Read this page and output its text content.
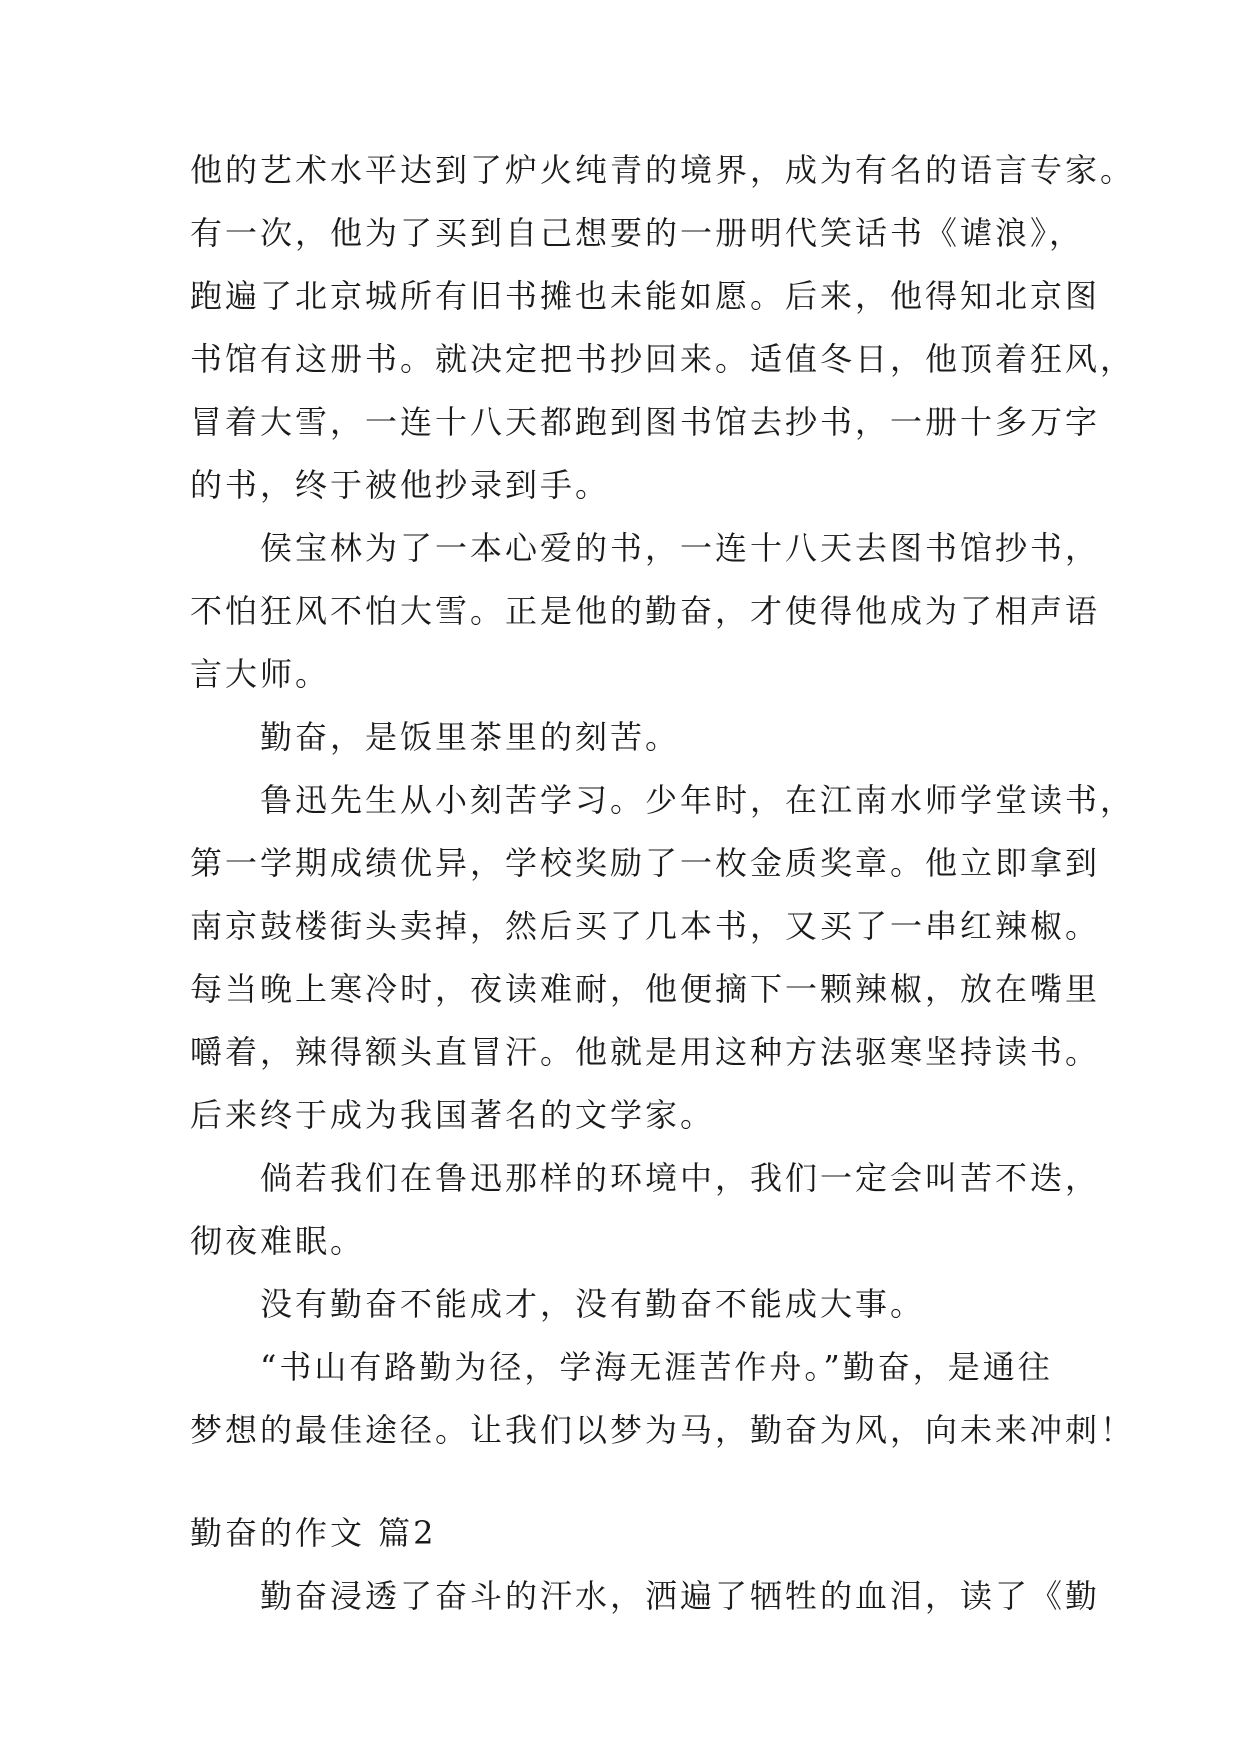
他的艺术水平达到了炉火纯青的境界，成为有名的语言专家。
有一次，他为了买到自己想要的一册明代笑话书《谑浪》，
跑遍了北京城所有旧书摊也未能如愿。后来，他得知北京图
书馆有这册书。就决定把书抄回来。适值冬日，他顶着狂风，
冒着大雪，一连十八天都跑到图书馆去抄书，一册十多万字
的书，终于被他抄录到手。
　　侯宝林为了一本心爱的书，一连十八天去图书馆抄书，
不怕狂风不怕大雪。正是他的勤奋，才使得他成为了相声语
言大师。
　　勤奋，是饭里茶里的刻苦。
　　鲁迅先生从小刻苦学习。少年时，在江南水师学堂读书，
第一学期成绩优异，学校奖励了一枚金质奖章。他立即拿到
南京鼓楼街头卖掉，然后买了几本书，又买了一串红辣椒。
每当晚上寒冷时，夜读难耐，他便摘下一颗辣椒，放在嘴里
嚼着，辣得额头直冒汗。他就是用这种方法驱寒坚持读书。
后来终于成为我国著名的文学家。
　　倘若我们在鲁迅那样的环境中，我们一定会叫苦不迭，
彻夜难眠。
　　没有勤奋不能成才，没有勤奋不能成大事。
　　“书山有路勤为径，学海无涯苦作舟。”勤奋，是通往
梦想的最佳途径。让我们以梦为马，勤奋为风，向未来冲刺！
勤奋的作文 篇2
　　勤奋浸透了奋斗的汗水，洒遍了牺牲的血泪，读了《勤
